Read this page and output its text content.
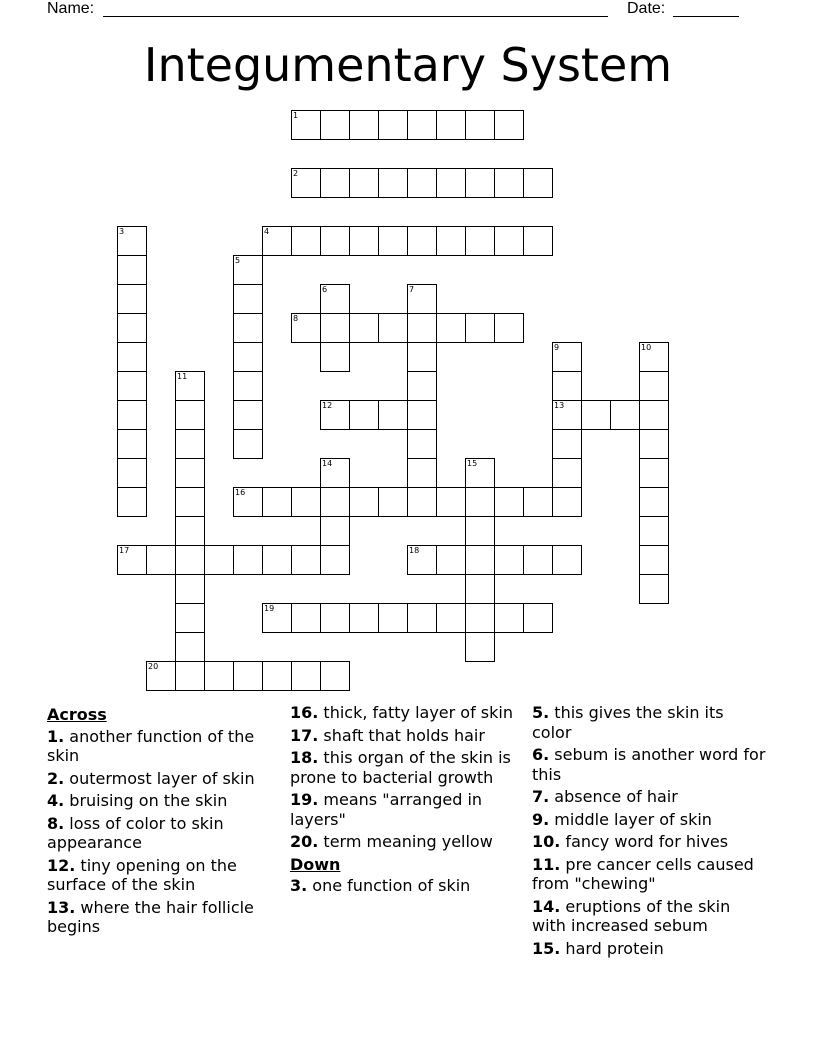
Name:	Date:
Integumentary System
1
2
3	4
5
6	7
8
9	10
11
12	13
14	15
16
17	18
19
20
Across
1. another function of the skin
2. outermost layer of skin
4. bruising on the skin
8. loss of color to skin appearance
12. tiny opening on the surface of the skin
13. where the hair follicle begins
16. thick, fatty layer of skin
17. shaft that holds hair
18. this organ of the skin is prone to bacterial growth
19. means "arranged in layers"
20. term meaning yellow
Down
3. one function of skin
5. this gives the skin its color
6. sebum is another word for this
7. absence of hair
9. middle layer of skin
10. fancy word for hives
11. pre cancer cells caused from "chewing"
14. eruptions of the skin with increased sebum
15. hard protein
